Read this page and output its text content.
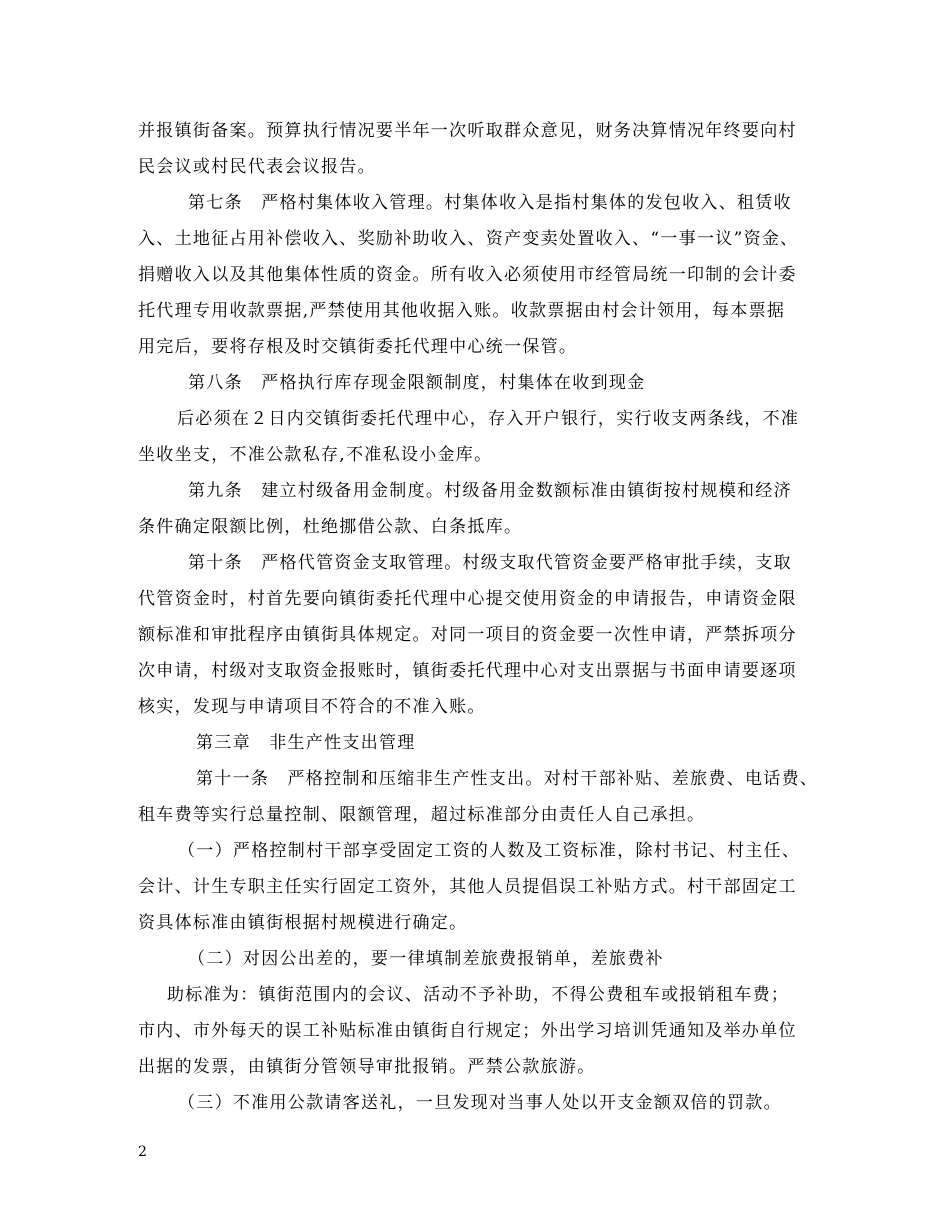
并报镇街备案。预算执行情况要半年一次听取群众意见，财务决算情况年终要向村
民会议或村民代表会议报告。
第七条　严格村集体收入管理。村集体收入是指村集体的发包收入、租赁收
入、土地征占用补偿收入、奖励补助收入、资产变卖处置收入、“一事一议”资金、
捐赠收入以及其他集体性质的资金。所有收入必须使用市经管局统一印制的会计委
托代理专用收款票据,严禁使用其他收据入账。收款票据由村会计领用，每本票据
用完后，要将存根及时交镇街委托代理中心统一保管。
第八条　严格执行库存现金限额制度，村集体在收到现金
后必须在２日内交镇街委托代理中心，存入开户银行，实行收支两条线，不准
坐收坐支，不准公款私存,不准私设小金库。
第九条　建立村级备用金制度。村级备用金数额标准由镇街按村规模和经济
条件确定限额比例，杜绝挪借公款、白条抵库。
第十条　严格代管资金支取管理。村级支取代管资金要严格审批手续，支取
代管资金时，村首先要向镇街委托代理中心提交使用资金的申请报告，申请资金限
额标准和审批程序由镇街具体规定。对同一项目的资金要一次性申请，严禁拆项分
次申请，村级对支取资金报账时，镇街委托代理中心对支出票据与书面申请要逐项
核实，发现与申请项目不符合的不准入账。
第三章　非生产性支出管理
第十一条　严格控制和压缩非生产性支出。对村干部补贴、差旅费、电话费、
租车费等实行总量控制、限额管理，超过标准部分由责任人自己承担。
（一）严格控制村干部享受固定工资的人数及工资标准，除村书记、村主任、
会计、计生专职主任实行固定工资外，其他人员提倡误工补贴方式。村干部固定工
资具体标准由镇街根据村规模进行确定。
（二）对因公出差的，要一律填制差旅费报销单，差旅费补
助标准为：镇街范围内的会议、活动不予补助，不得公费租车或报销租车费；
市内、市外每天的误工补贴标准由镇街自行规定；外出学习培训凭通知及举办单位
出据的发票，由镇街分管领导审批报销。严禁公款旅游。
（三）不准用公款请客送礼，一旦发现对当事人处以开支金额双倍的罚款。
2
